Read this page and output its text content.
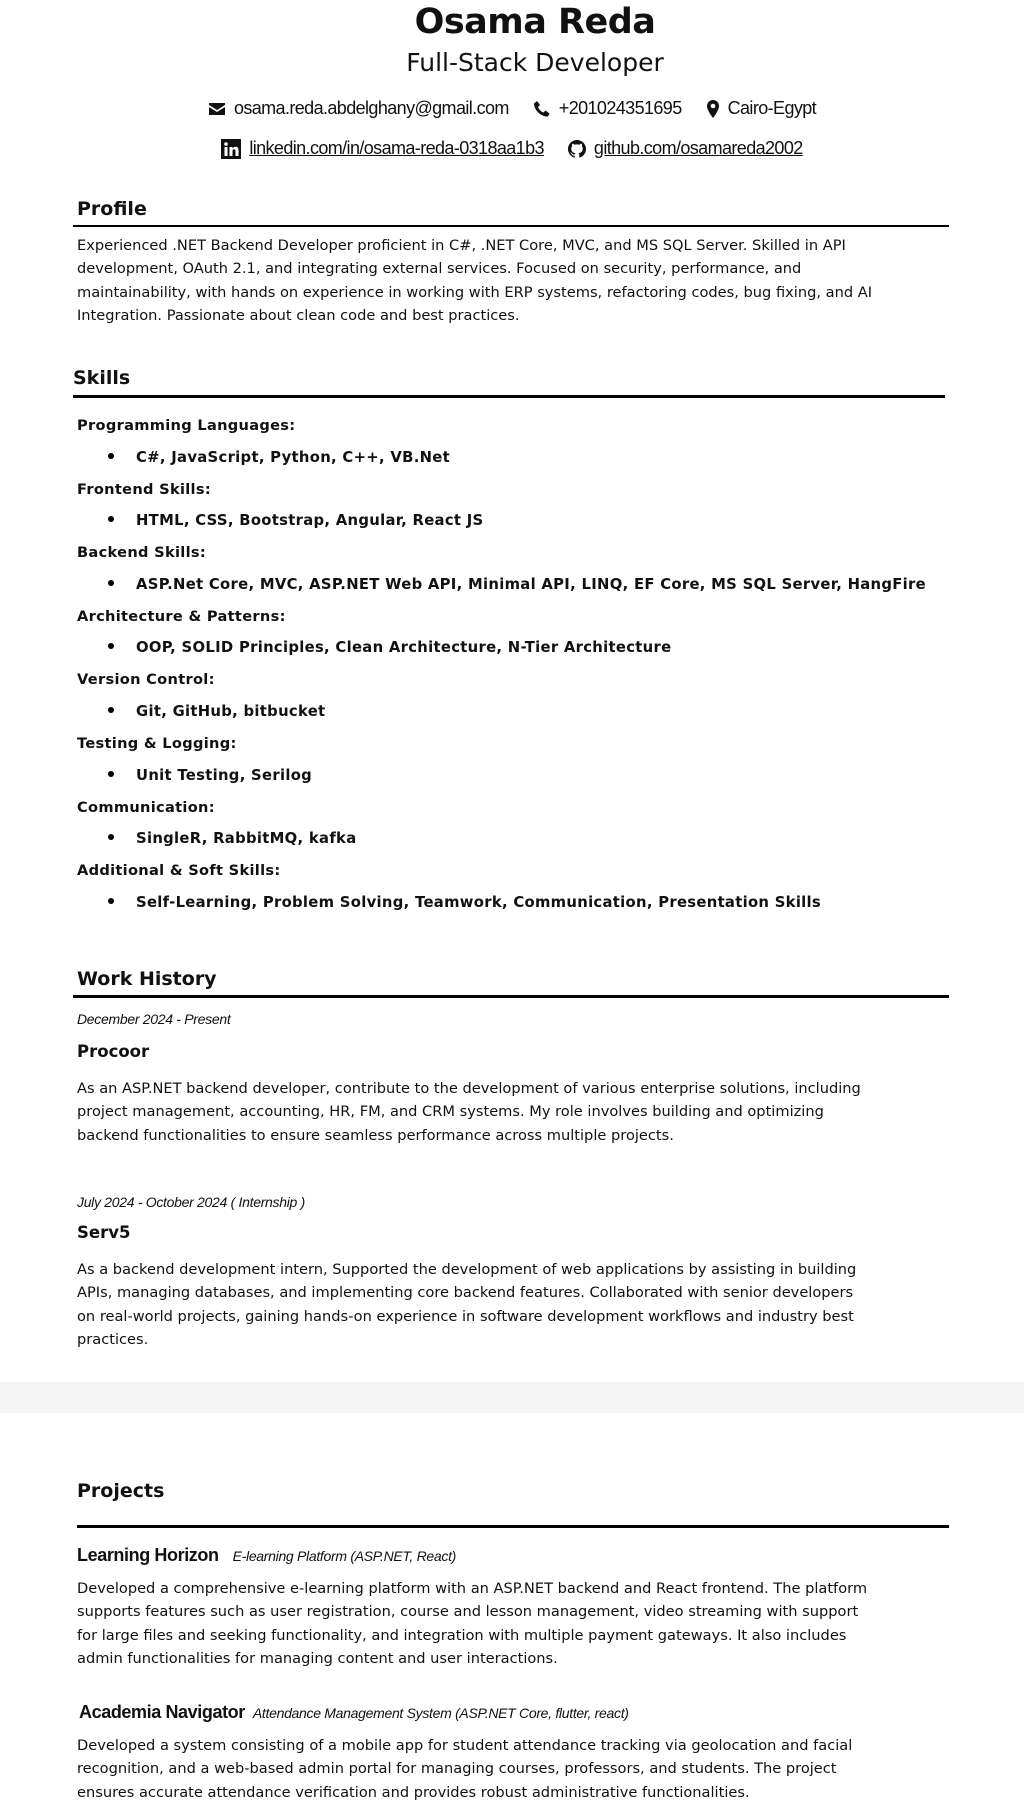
Osama Reda
Full-Stack Developer
osama.reda.abdelghany@gmail.com	+201024351695	Cairo-Egypt
linkedin.com/in/osama-reda-0318aa1b3	github.com/osamareda2002
Profile
Experienced .NET Backend Developer proficient in C#, .NET Core, MVC, and MS SQL Server. Skilled in API
development, OAuth 2.1, and integrating external services. Focused on security, performance, and
maintainability, with hands on experience in working with ERP systems, refactoring codes, bug fixing, and AI
Integration. Passionate about clean code and best practices.
Skills
Programming Languages:
C#, JavaScript, Python, C++, VB.Net
Frontend Skills:
HTML, CSS, Bootstrap, Angular, React JS
Backend Skills:
ASP.Net Core, MVC, ASP.NET Web API, Minimal API, LINQ, EF Core, MS SQL Server, HangFire
Architecture & Patterns:
OOP, SOLID Principles, Clean Architecture, N-Tier Architecture
Version Control:
Git, GitHub, bitbucket
Testing & Logging:
Unit Testing, Serilog
Communication:
SingleR, RabbitMQ, kafka
Additional & Soft Skills:
Self-Learning, Problem Solving, Teamwork, Communication, Presentation Skills
Work History
December 2024 - Present
Procoor
As an ASP.NET backend developer, contribute to the development of various enterprise solutions, including
project management, accounting, HR, FM, and CRM systems. My role involves building and optimizing
backend functionalities to ensure seamless performance across multiple projects.
July 2024 - October 2024 ( Internship )
Serv5
As a backend development intern, Supported the development of web applications by assisting in building
APIs, managing databases, and implementing core backend features. Collaborated with senior developers
on real-world projects, gaining hands-on experience in software development workflows and industry best
practices.
Projects
Learning Horizon E-learning Platform (ASP.NET, React)
Developed a comprehensive e-learning platform with an ASP.NET backend and React frontend. The platform
supports features such as user registration, course and lesson management, video streaming with support
for large files and seeking functionality, and integration with multiple payment gateways. It also includes
admin functionalities for managing content and user interactions.
Academia Navigator Attendance Management System (ASP.NET Core, flutter, react)
Developed a system consisting of a mobile app for student attendance tracking via geolocation and facial
recognition, and a web-based admin portal for managing courses, professors, and students. The project
ensures accurate attendance verification and provides robust administrative functionalities.
